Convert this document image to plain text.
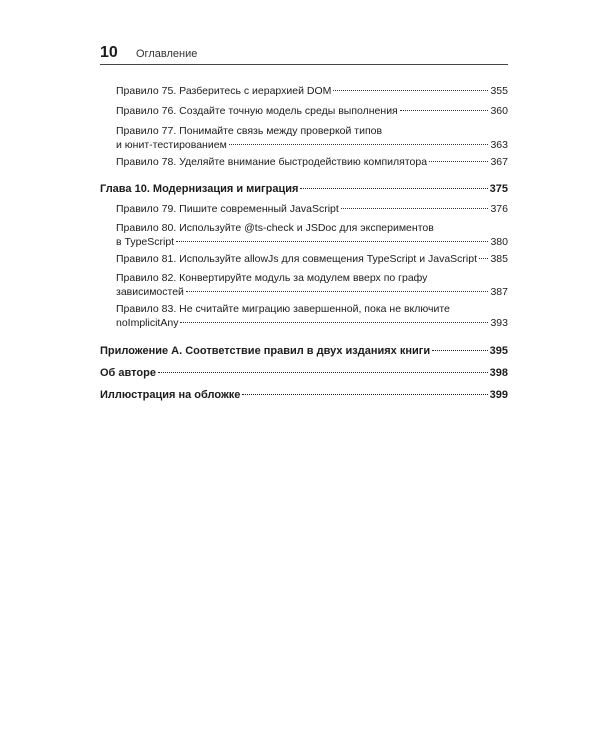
10 Оглавление
Правило 75. Разберитесь с иерархией DOM	355
Правило 76. Создайте точную модель среды выполнения	360
Правило 77. Понимайте связь между проверкой типов
и юнит-тестированием	363
Правило 78. Уделяйте внимание быстродействию компилятора	367
Глава 10. Модернизация и миграция	375
Правило 79. Пишите современный JavaScript	376
Правило 80. Используйте @ts-check и JSDoc для экспериментов
в TypeScript	380
Правило 81. Используйте allowJs для совмещения TypeScript и JavaScript 385
Правило 82. Конвертируйте модуль за модулем вверх по графу
зависимостей	387
Правило 83. Не считайте миграцию завершенной, пока не включите
noImplicitAny	393
Приложение А. Соответствие правил в двух изданиях книги	395
Об авторе	398
Иллюстрация на обложке	399
